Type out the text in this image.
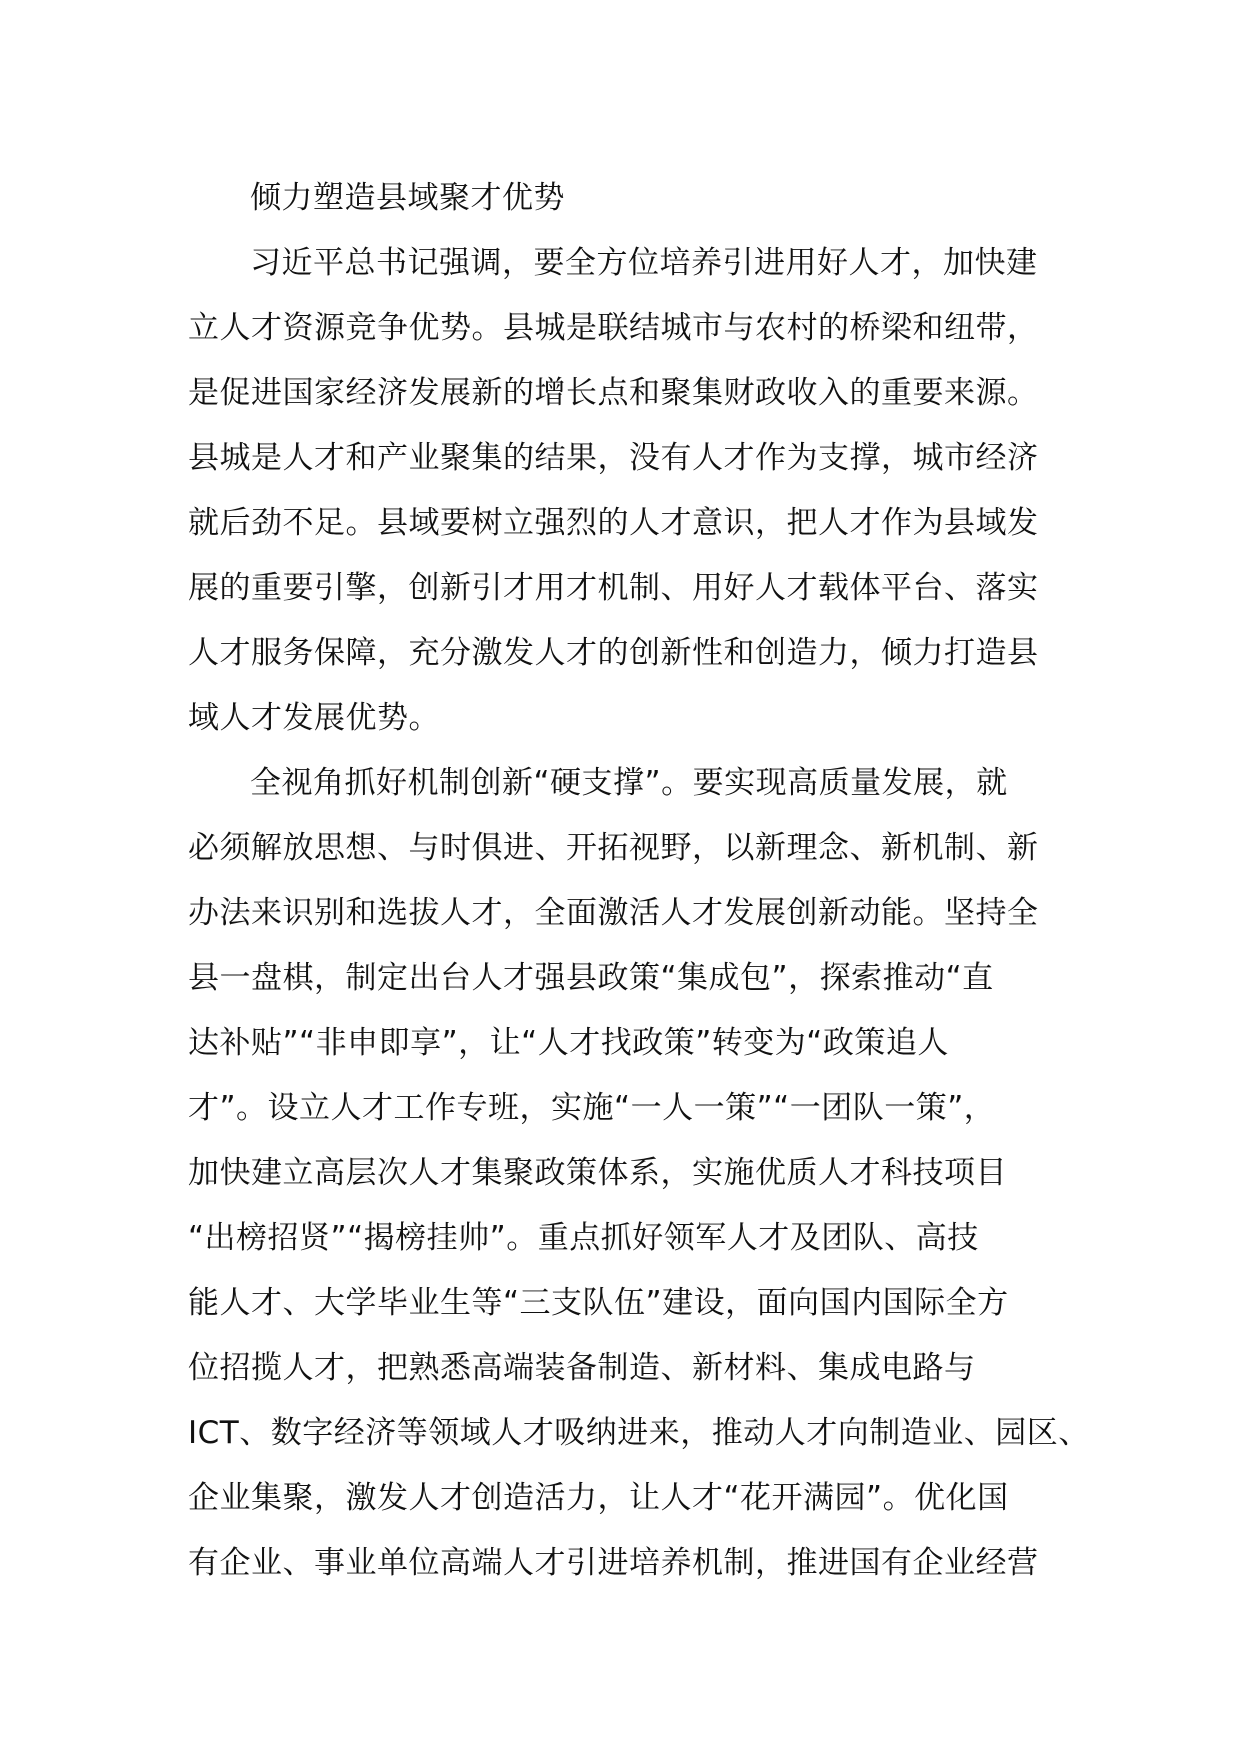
倾力塑造县域聚才优势
习近平总书记强调，要全方位培养引进用好人才，加快建
立人才资源竞争优势。县城是联结城市与农村的桥梁和纽带，
是促进国家经济发展新的增长点和聚集财政收入的重要来源。
县城是人才和产业聚集的结果，没有人才作为支撑，城市经济
就后劲不足。县域要树立强烈的人才意识，把人才作为县域发
展的重要引擎，创新引才用才机制、用好人才载体平台、落实
人才服务保障，充分激发人才的创新性和创造力，倾力打造县
域人才发展优势。
全视角抓好机制创新“硬支撑”。要实现高质量发展，就
必须解放思想、与时俱进、开拓视野，以新理念、新机制、新
办法来识别和选拔人才，全面激活人才发展创新动能。坚持全
县一盘棋，制定出台人才强县政策“集成包”，探索推动“直
达补贴”“非申即享”，让“人才找政策”转变为“政策追人
才”。设立人才工作专班，实施“一人一策”“一团队一策”，
加快建立高层次人才集聚政策体系，实施优质人才科技项目
“出榜招贤”“揭榜挂帅”。重点抓好领军人才及团队、高技
能人才、大学毕业生等“三支队伍”建设，面向国内国际全方
位招揽人才，把熟悉高端装备制造、新材料、集成电路与
ICT、数字经济等领域人才吸纳进来，推动人才向制造业、园区、
企业集聚，激发人才创造活力，让人才“花开满园”。优化国
有企业、事业单位高端人才引进培养机制，推进国有企业经营
